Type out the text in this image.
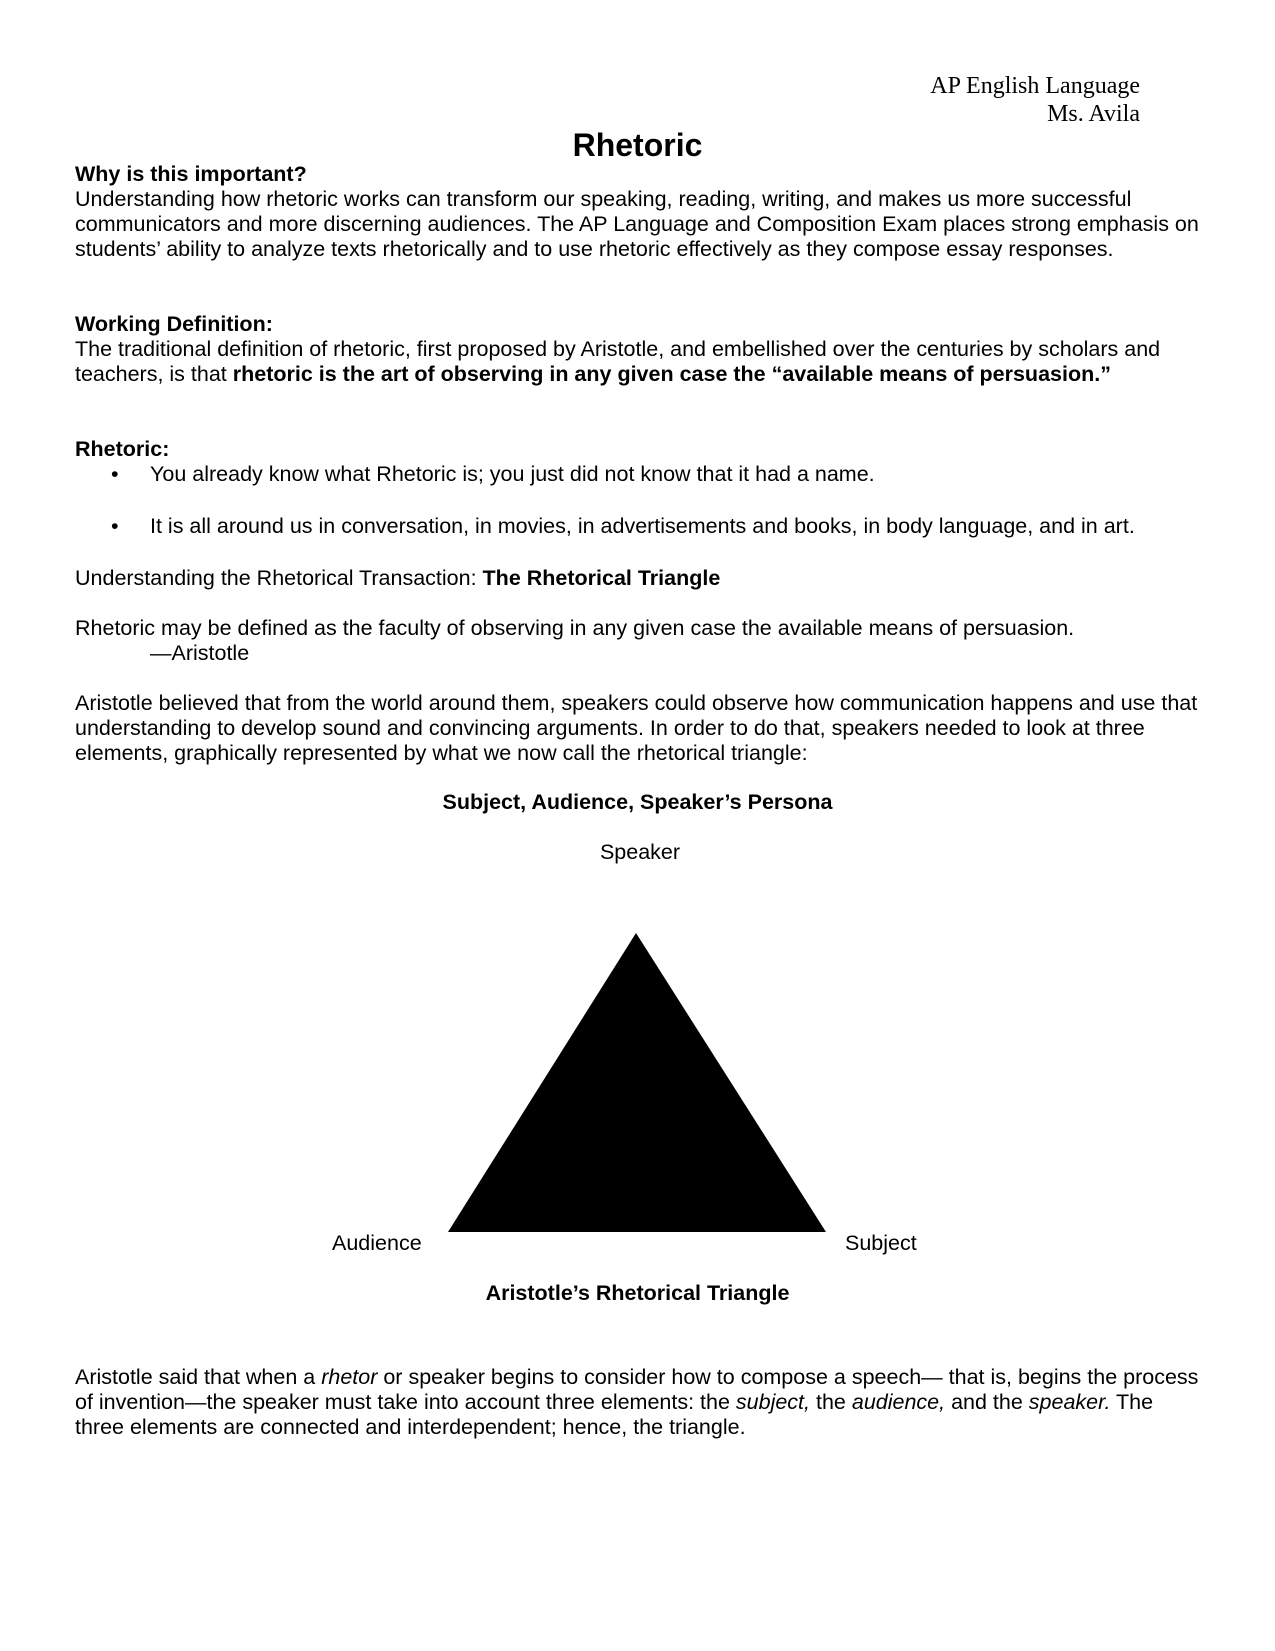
AP English Language
Ms. Avila
Rhetoric

Why is this important?

Understanding how rhetoric works can transform our speaking, reading, writing, and makes us more successful communicators and more discerning audiences. The AP Language and Composition Exam places strong emphasis on students’ ability to analyze texts rhetorically and to use rhetoric effectively as they compose essay responses.

Working Definition:

The traditional definition of rhetoric, first proposed by Aristotle, and embellished over the centuries by scholars and teachers, is that rhetoric is the art of observing in any given case the “available means of persuasion.”

Rhetoric:

• You already know what Rhetoric is; you just did not know that it had a name.
• It is all around us in conversation, in movies, in advertisements and books, in body language, and in art.

Understanding the Rhetorical Transaction: The Rhetorical Triangle

Rhetoric may be defined as the faculty of observing in any given case the available means of persuasion.

—Aristotle

Aristotle believed that from the world around them, speakers could observe how communication happens and use that understanding to develop sound and convincing arguments. In order to do that, speakers needed to look at three elements, graphically represented by what we now call the rhetorical triangle:

Subject, Audience, Speaker’s Persona
Speaker
Audience	Subject
Aristotle’s Rhetorical Triangle

Aristotle said that when a rhetor or speaker begins to consider how to compose a speech— that is, begins the process of invention—the speaker must take into account three elements: the subject, the audience, and the speaker. The three elements are connected and interdependent; hence, the triangle.
